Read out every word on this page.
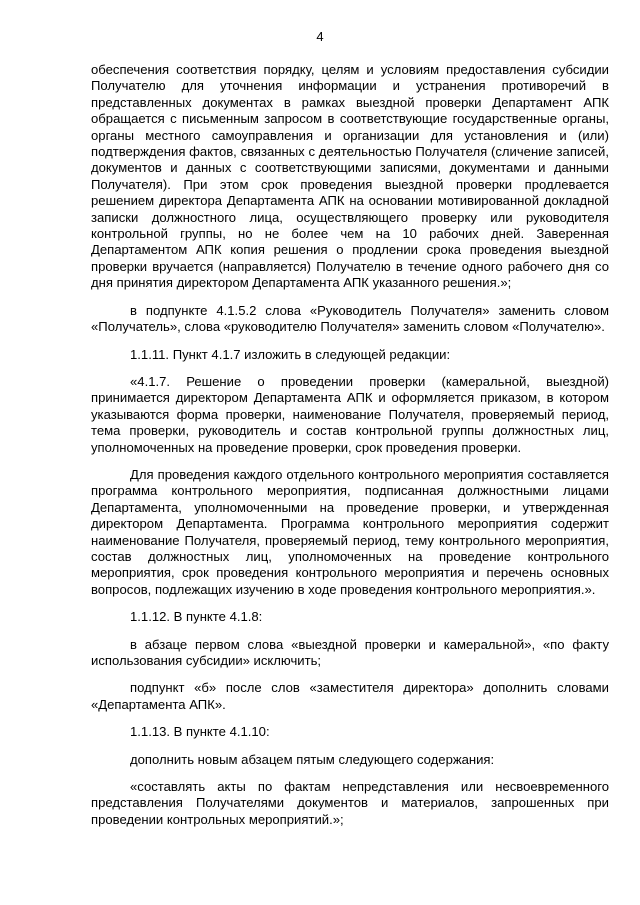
4

обеспечения соответствия порядку, целям и условиям предоставления субсидии Получателю для уточнения информации и устранения противоречий в представленных документах в рамках выездной проверки Департамент АПК обращается с письменным запросом в соответствующие государственные органы, органы местного самоуправления и организации для установления и (или) подтверждения фактов, связанных с деятельностью Получателя (сличение записей, документов и данных с соответствующими записями, документами и данными Получателя). При этом срок проведения выездной проверки продлевается решением директора Департамента АПК на основании мотивированной докладной записки должностного лица, осуществляющего проверку или руководителя контрольной группы, но не более чем на 10 рабочих дней. Заверенная Департаментом АПК копия решения о продлении срока проведения выездной проверки вручается (направляется) Получателю в течение одного рабочего дня со дня принятия директором Департамента АПК указанного решения.»;

в подпункте 4.1.5.2 слова «Руководитель Получателя» заменить словом «Получатель», слова «руководителю Получателя» заменить словом «Получателю».

1.1.11. Пункт 4.1.7 изложить в следующей редакции:

«4.1.7. Решение о проведении проверки (камеральной, выездной) принимается директором Департамента АПК и оформляется приказом, в котором указываются форма проверки, наименование Получателя, проверяемый период, тема проверки, руководитель и состав контрольной группы должностных лиц, уполномоченных на проведение проверки, срок проведения проверки.

Для проведения каждого отдельного контрольного мероприятия составляется программа контрольного мероприятия, подписанная должностными лицами Департамента, уполномоченными на проведение проверки, и утвержденная директором Департамента. Программа контрольного мероприятия содержит наименование Получателя, проверяемый период, тему контрольного мероприятия, состав должностных лиц, уполномоченных на проведение контрольного мероприятия, срок проведения контрольного мероприятия и перечень основных вопросов, подлежащих изучению в ходе проведения контрольного мероприятия.».

1.1.12. В пункте 4.1.8:

в абзаце первом слова «выездной проверки и камеральной», «по факту использования субсидии» исключить;

подпункт «б» после слов «заместителя директора» дополнить словами «Департамента АПК».

1.1.13. В пункте 4.1.10:

дополнить новым абзацем пятым следующего содержания:

«составлять акты по фактам непредставления или несвоевременного представления Получателями документов и материалов, запрошенных при проведении контрольных мероприятий.»;
